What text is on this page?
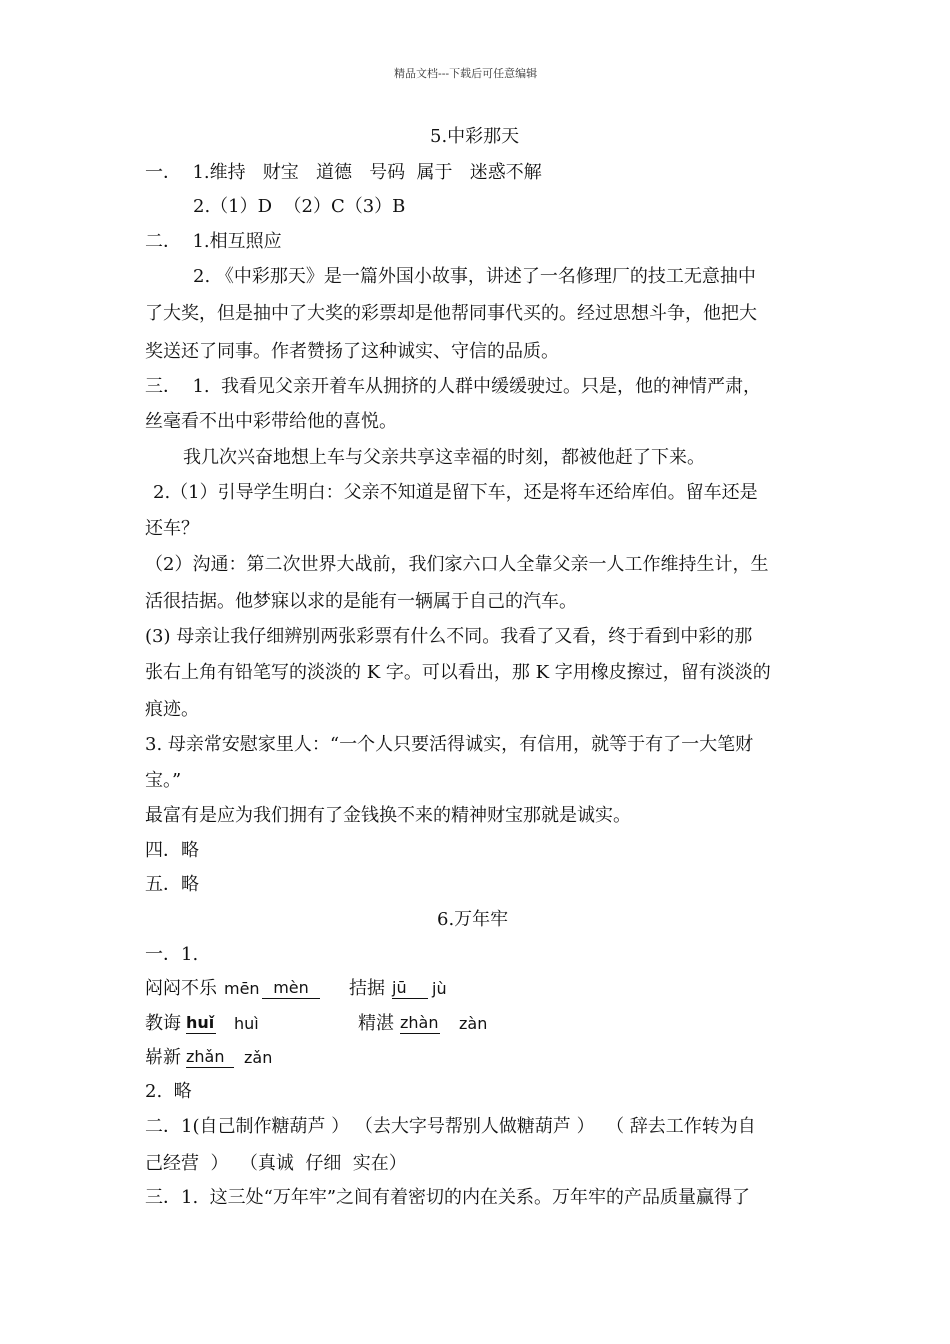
精品文档---下载后可任意编辑
5.中彩那天
一．  1.维持   财宝   道德   号码  属于   迷惑不解
2.（1）D  （2）C（3）B
二．  1.相互照应
2. 《中彩那天》是一篇外国小故事，讲述了一名修理厂的技工无意抽中
了大奖，但是抽中了大奖的彩票却是他帮同事代买的。经过思想斗争，他把大
奖送还了同事。作者赞扬了这种诚实、守信的品质。
三．  1.  我看见父亲开着车从拥挤的人群中缓缓驶过。只是，他的神情严肃，
丝毫看不出中彩带给他的喜悦。
我几次兴奋地想上车与父亲共享这幸福的时刻，都被他赶了下来。
2.（1）引导学生明白：父亲不知道是留下车，还是将车还给库伯。留车还是
还车？
（2）沟通：第二次世界大战前，我们家六口人全靠父亲一人工作维持生计，生
活很拮据。他梦寐以求的是能有一辆属于自己的汽车。
(3) 母亲让我仔细辨别两张彩票有什么不同。我看了又看，终于看到中彩的那
张右上角有铅笔写的淡淡的 K 字。可以看出，那 K 字用橡皮擦过，留有淡淡的
痕迹。
3. 母亲常安慰家里人：“一个人只要活得诚实，有信用，就等于有了一大笔财
宝。”
最富有是应为我们拥有了金钱换不来的精神财宝那就是诚实。
四．略
五．略
6.万年牢
一．1.
闷闷不乐 mēn mèn	拮据 jū	jù
教诲 huǐ huì	精湛 zhàn zàn
崭新 zhǎn	zǎn
2.  略
二．1(自己制作糖葫芦 ） （去大字号帮别人做糖葫芦 ）  （ 辞去工作转为自
己经营  ）  （真诚  仔细  实在）
三．1.  这三处“万年牢”之间有着密切的内在关系。万年牢的产品质量赢得了
